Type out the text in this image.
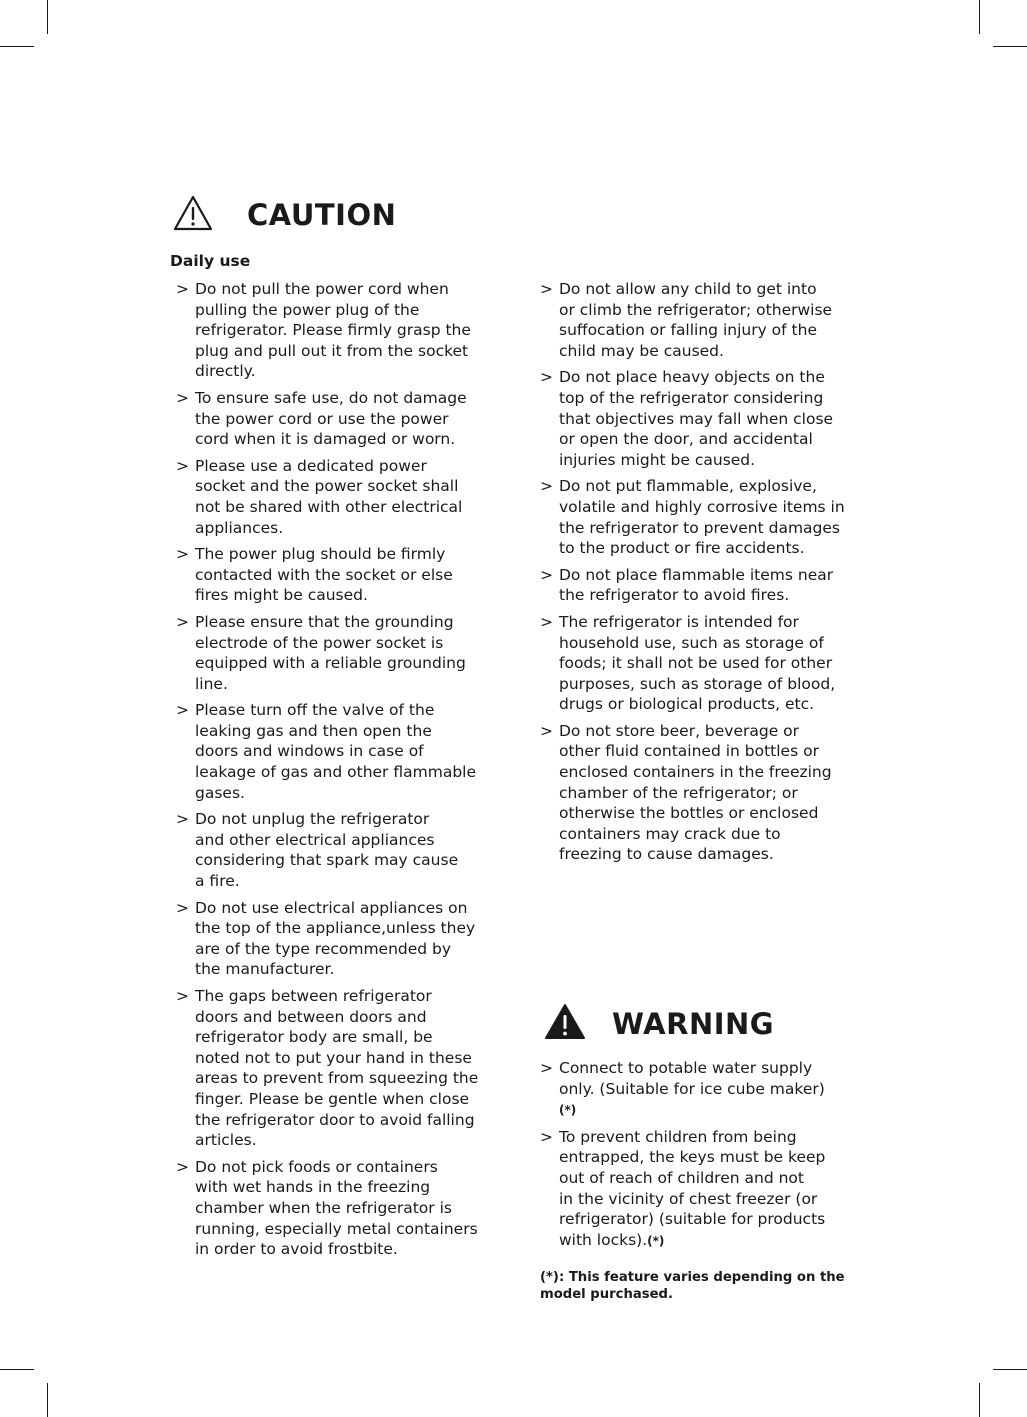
CAUTION
Daily use
> Do not pull the power cord when
pulling the power plug of the
refrigerator. Please firmly grasp the
plug and pull out it from the socket
directly.
> To ensure safe use, do not damage
the power cord or use the power
cord when it is damaged or worn.
> Please use a dedicated power
socket and the power socket shall
not be shared with other electrical
appliances.
> The power plug should be firmly
contacted with the socket or else
fires might be caused.
> Please ensure that the grounding
electrode of the power socket is
equipped with a reliable grounding
line.
> Please turn off the valve of the
leaking gas and then open the
doors and windows in case of
leakage of gas and other flammable
gases.
> Do not unplug the refrigerator
and other electrical appliances
considering that spark may cause
a fire.
> Do not use electrical appliances on
the top of the appliance,unless they
are of the type recommended by
the manufacturer.
> The gaps between refrigerator
doors and between doors and
refrigerator body are small, be
noted not to put your hand in these
areas to prevent from squeezing the
finger. Please be gentle when close
the refrigerator door to avoid falling
articles.
> Do not pick foods or containers
with wet hands in the freezing
chamber when the refrigerator is
running, especially metal containers
in order to avoid frostbite.
> Do not allow any child to get into
or climb the refrigerator; otherwise
suffocation or falling injury of the
child may be caused.
> Do not place heavy objects on the
top of the refrigerator considering
that objectives may fall when close
or open the door, and accidental
injuries might be caused.
> Do not put flammable, explosive,
volatile and highly corrosive items in
the refrigerator to prevent damages
to the product or fire accidents.
> Do not place flammable items near
the refrigerator to avoid fires.
> The refrigerator is intended for
household use, such as storage of
foods; it shall not be used for other
purposes, such as storage of blood,
drugs or biological products, etc.
> Do not store beer, beverage or
other fluid contained in bottles or
enclosed containers in the freezing
chamber of the refrigerator; or
otherwise the bottles or enclosed
containers may crack due to
freezing to cause damages.
WARNING
> Connect to potable water supply
only. (Suitable for ice cube maker)
(*)
> To prevent children from being
entrapped, the keys must be keep
out of reach of children and not
in the vicinity of chest freezer (or
refrigerator) (suitable for products
with locks).(*)
(*): This feature varies depending on the model purchased.
